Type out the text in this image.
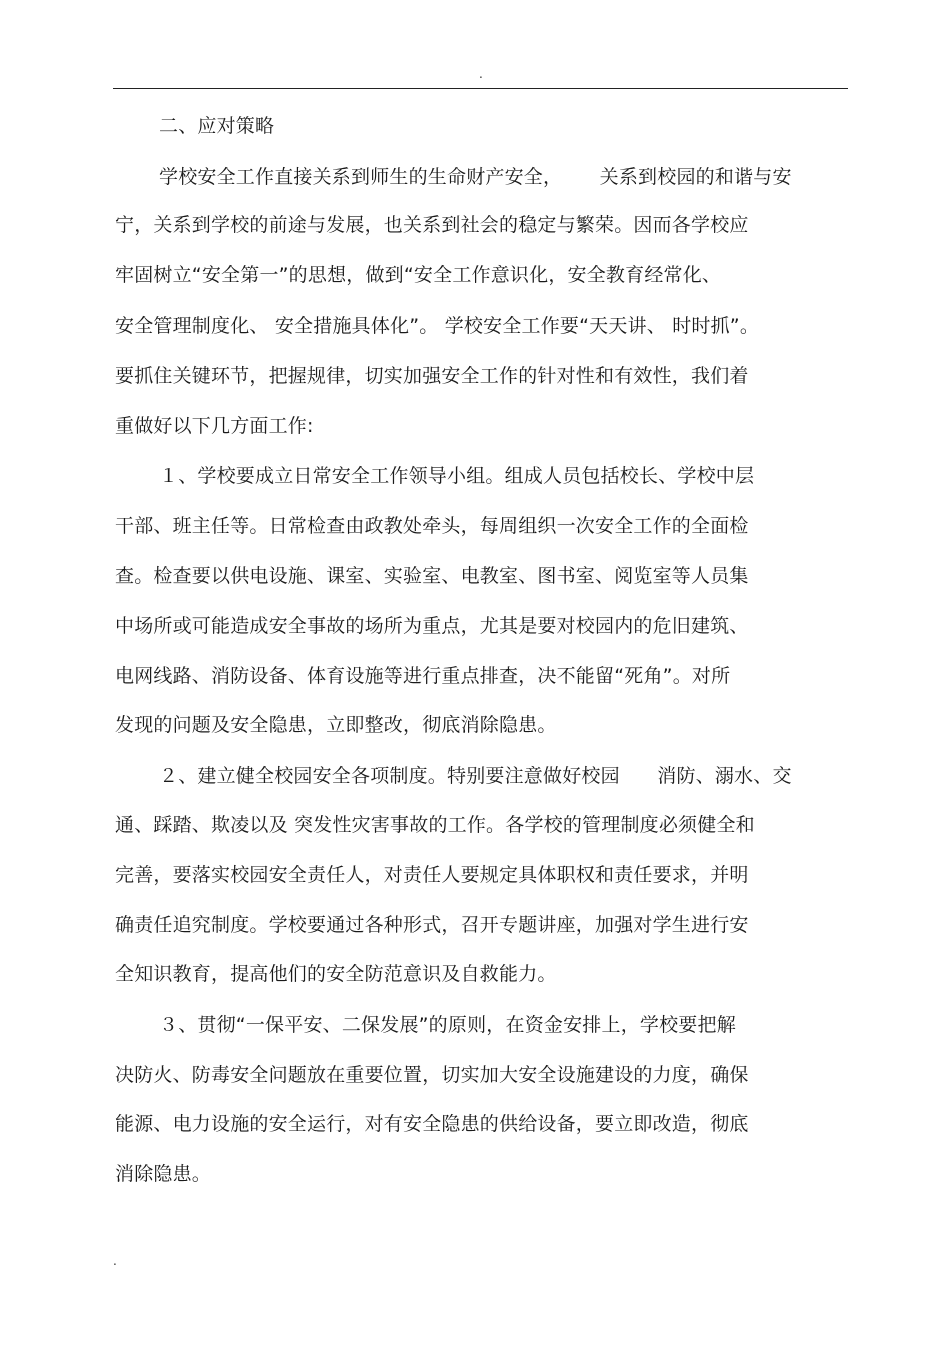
.
二、应对策略
学校安全工作直接关系到师生的生命财产安全，      关系到校园的和谐与安
宁，关系到学校的前途与发展，也关系到社会的稳定与繁荣。因而各学校应
牢固树立“安全第一”的思想，做到“安全工作意识化，安全教育经常化、
安全管理制度化、 安全措施具体化”。 学校安全工作要“天天讲、 时时抓”。
要抓住关键环节，把握规律，切实加强安全工作的针对性和有效性，我们着
重做好以下几方面工作:
１、学校要成立日常安全工作领导小组。组成人员包括校长、学校中层
干部、班主任等。日常检查由政教处牵头，每周组织一次安全工作的全面检
查。检查要以供电设施、课室、实验室、电教室、图书室、阅览室等人员集
中场所或可能造成安全事故的场所为重点，尤其是要对校园内的危旧建筑、
电网线路、消防设备、体育设施等进行重点排查，决不能留“死角”。对所
发现的问题及安全隐患，立即整改，彻底消除隐患。
２、建立健全校园安全各项制度。特别要注意做好校园      消防、溺水、交
通、踩踏、欺凌以及 突发性灾害事故的工作。各学校的管理制度必须健全和
完善，要落实校园安全责任人，对责任人要规定具体职权和责任要求，并明
确责任追究制度。学校要通过各种形式，召开专题讲座，加强对学生进行安
全知识教育，提高他们的安全防范意识及自救能力。
３、贯彻“一保平安、二保发展”的原则，在资金安排上，学校要把解
决防火、防毒安全问题放在重要位置，切实加大安全设施建设的力度，确保
能源、电力设施的安全运行，对有安全隐患的供给设备，要立即改造，彻底
消除隐患。
.
